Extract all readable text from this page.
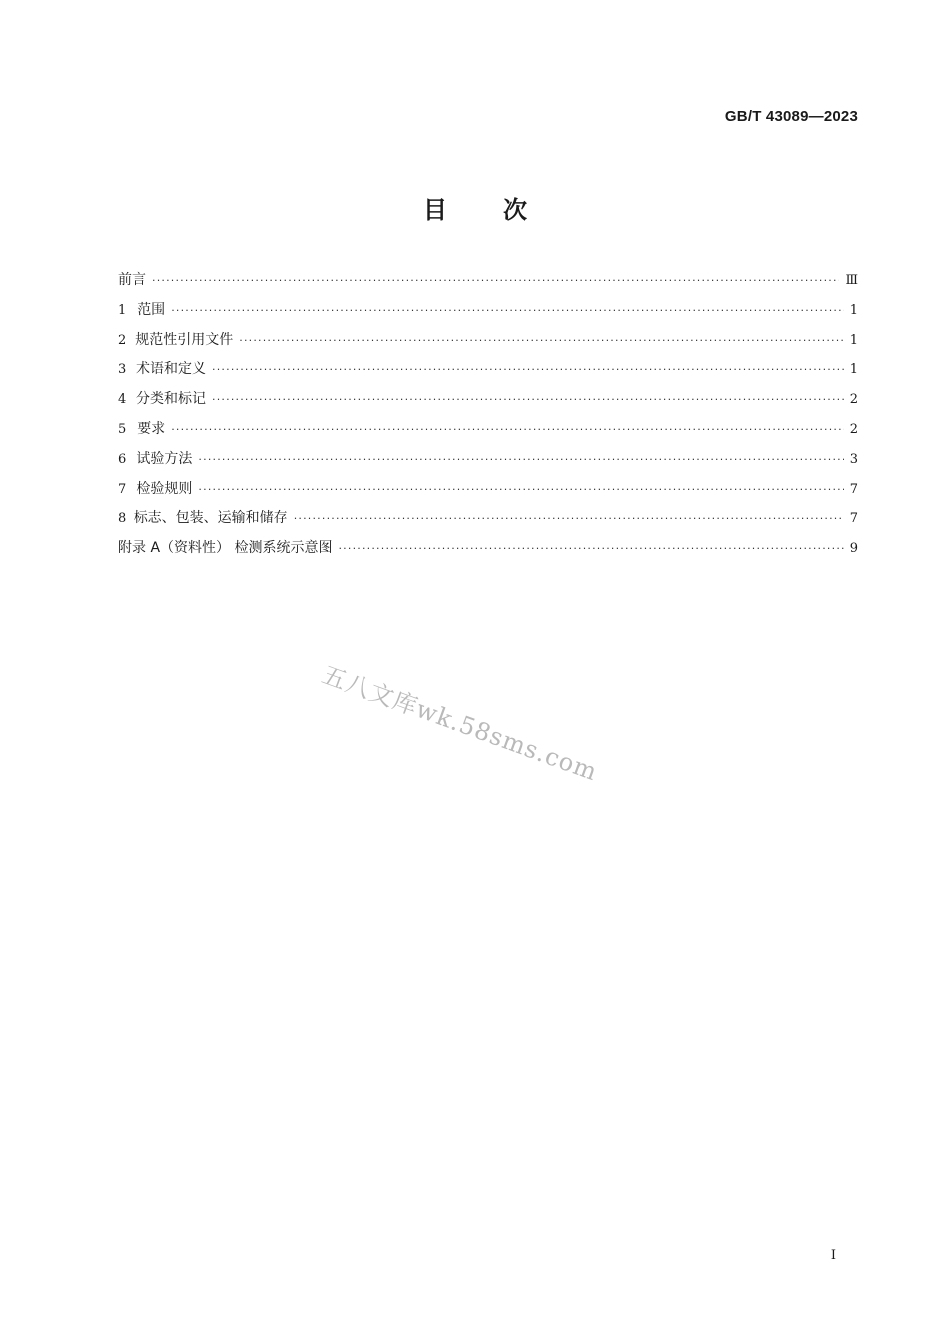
GB/T 43089—2023
目 次
前言 ·····	Ⅲ
1 范围 ·····	1
2 规范性引用文件 ·····	1
3 术语和定义 ·····	1
4 分类和标记 ·····	2
5 要求 ·····	2
6 试验方法 ·····	3
7 检验规则 ·····	7
8 标志、包装、运输和储存 ·····	7
附录 A（资料性） 检测系统示意图 ·····	9
五八文库wk.58sms.com
I
